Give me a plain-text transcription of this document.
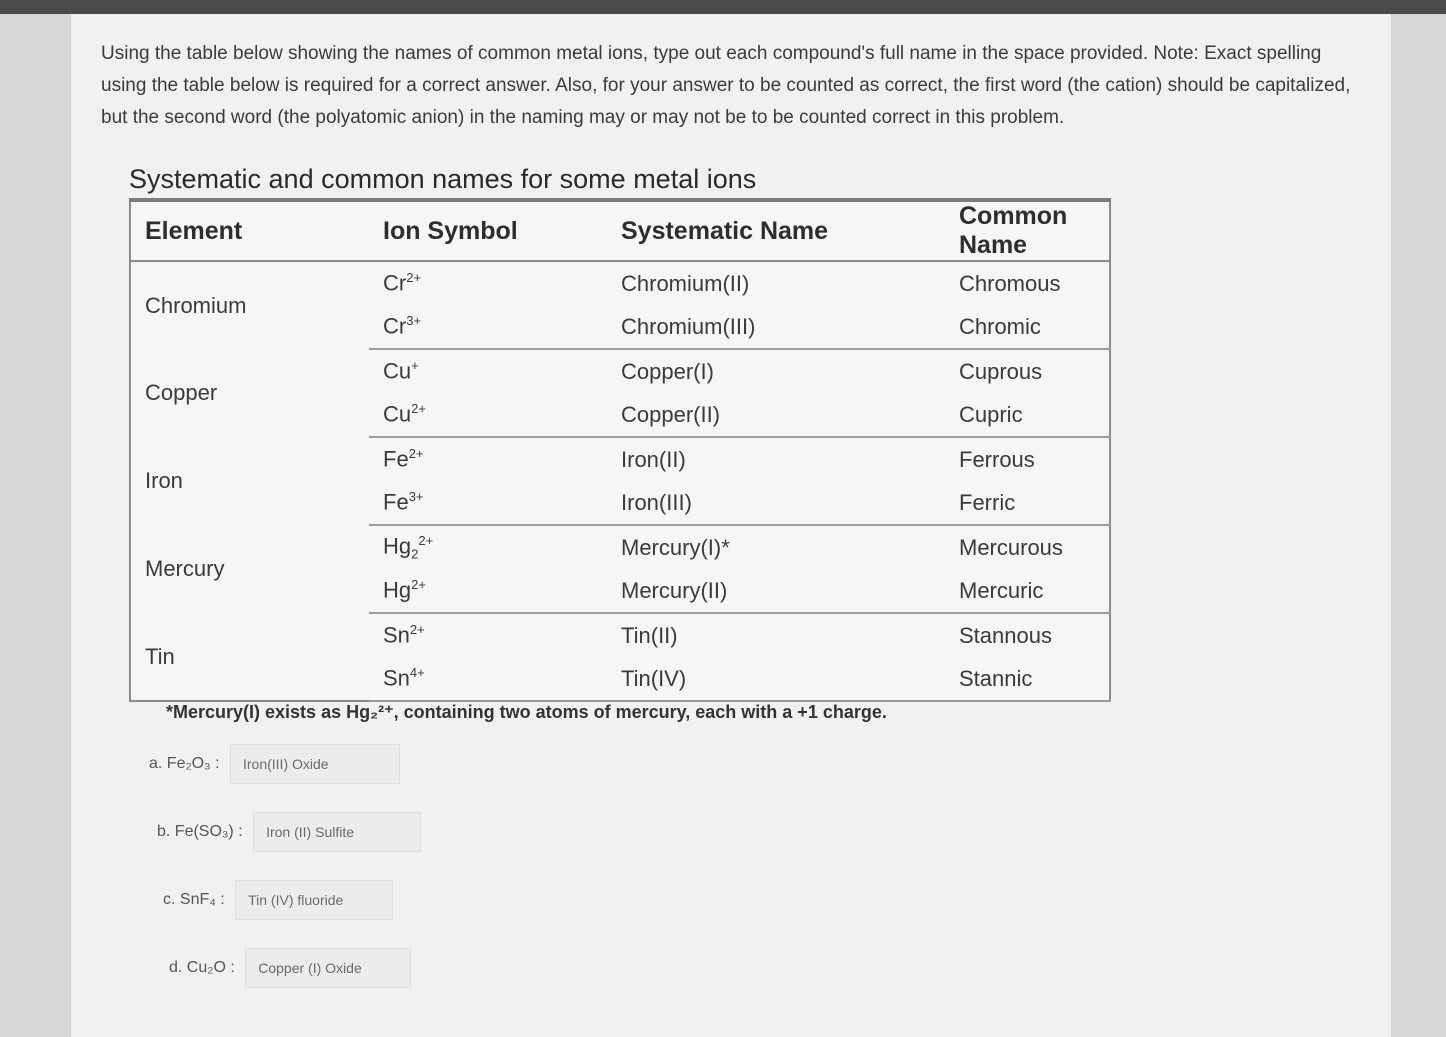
Using the table below showing the names of common metal ions, type out each compound's full name in the space provided. Note: Exact spelling using the table below is required for a correct answer. Also, for your answer to be counted as correct, the first word (the cation) should be capitalized, but the second word (the polyatomic anion) in the naming may or may not be to be counted correct in this problem.
Systematic and common names for some metal ions
Element	Ion Symbol	Systematic Name	Common Name
Chromium	$Cr^{2+}$	Chromium(II)	Chromous
	$Cr^{3+}$	Chromium(III)	Chromic
Copper	Cu+	Copper(I)	Cuprous
	$Cu^{2+}$	Copper(II)	Cupric
Iron	$Fe^{2+}$	Iron(II)	Ferrous
	$Fe^{3+}$	Iron(III)	Ferric
Mercury	$Hg_2^{2+}$	Mercury(I)*	Mercurous
	$Hg^{2+}$	Mercury(II)	Mercuric
Tin	$Sn^{2+}$	Tin(II)	Stannous
	$Sn^{4+}$	Tin(IV)	Stannic
*Mercury(I) exists as Hg₂²⁺, containing two atoms of mercury, each with a +1 charge.
a. Fe₂O₃ : Iron(III) Oxide
b. Fe(SO₃) : Iron (II) Sulfite
c. SnF₄ : Tin (IV) fluoride
d. Cu₂O : Copper (I) Oxide
